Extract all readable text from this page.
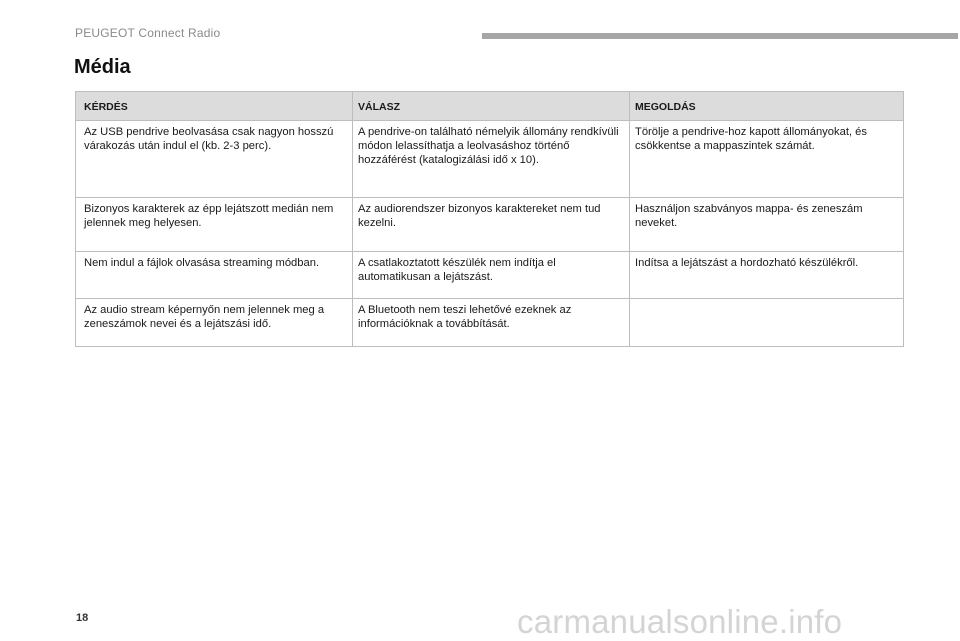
PEUGEOT Connect Radio
Média
KÉRDÉS	VÁLASZ	MEGOLDÁS
Az USB pendrive beolvasása csak nagyon hosszú várakozás után indul el (kb. 2-3 perc).	A pendrive-on található némelyik állomány rendkívüli módon lelassíthatja a leolvasáshoz történő hozzáférést (katalogizálási idő x 10).	Törölje a pendrive-hoz kapott állományokat, és csökkentse a mappaszintek számát.
Bizonyos karakterek az épp lejátszott medián nem jelennek meg helyesen.	Az audiorendszer bizonyos karaktereket nem tud kezelni.	Használjon szabványos mappa- és zeneszám neveket.
Nem indul a fájlok olvasása streaming módban.	A csatlakoztatott készülék nem indítja el automatikusan a lejátszást.	Indítsa a lejátszást a hordozható készülékről.
Az audio stream képernyőn nem jelennek meg a zeneszámok nevei és a lejátszási idő.	A Bluetooth nem teszi lehetővé ezeknek az információknak a továbbítását.	
18	carmanualsonline.info
